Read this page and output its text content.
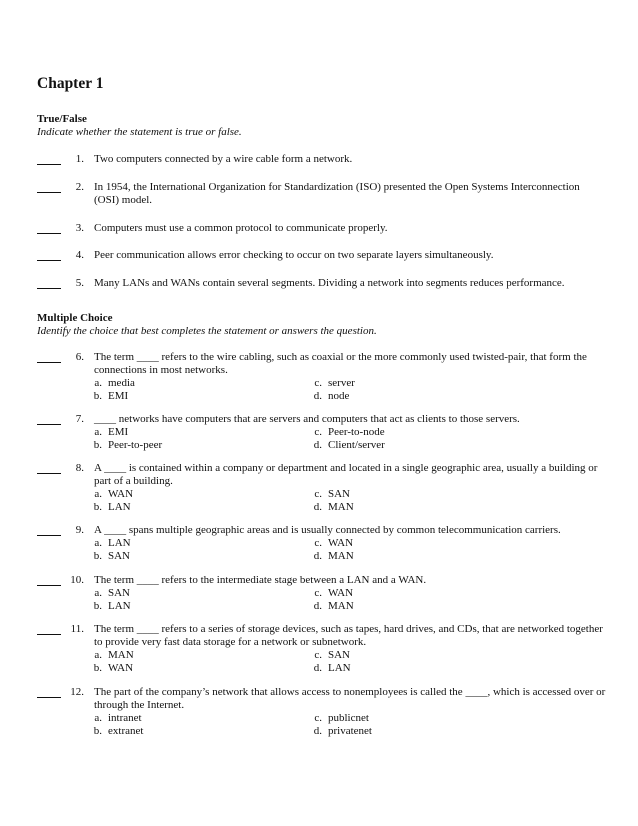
Chapter 1
True/False
Indicate whether the statement is true or false.
1. Two computers connected by a wire cable form a network.
2. In 1954, the International Organization for Standardization (ISO) presented the Open Systems Interconnection (OSI) model.
3. Computers must use a common protocol to communicate properly.
4. Peer communication allows error checking to occur on two separate layers simultaneously.
5. Many LANs and WANs contain several segments. Dividing a network into segments reduces performance.
Multiple Choice
Identify the choice that best completes the statement or answers the question.
6. The term ____ refers to the wire cabling, such as coaxial or the more commonly used twisted-pair, that form the connections in most networks.
a. media
b. EMI
c. server
d. node
7. ____ networks have computers that are servers and computers that act as clients to those servers.
a. EMI
b. Peer-to-peer
c. Peer-to-node
d. Client/server
8. A ____ is contained within a company or department and located in a single geographic area, usually a building or part of a building.
a. WAN
b. LAN
c. SAN
d. MAN
9. A ____ spans multiple geographic areas and is usually connected by common telecommunication carriers.
a. LAN
b. SAN
c. WAN
d. MAN
10. The term ____ refers to the intermediate stage between a LAN and a WAN.
a. SAN
b. LAN
c. WAN
d. MAN
11. The term ____ refers to a series of storage devices, such as tapes, hard drives, and CDs, that are networked together to provide very fast data storage for a network or subnetwork.
a. MAN
b. WAN
c. SAN
d. LAN
12. The part of the company’s network that allows access to nonemployees is called the ____, which is accessed over or through the Internet.
a. intranet
b. extranet
c. publicnet
d. privatenet
